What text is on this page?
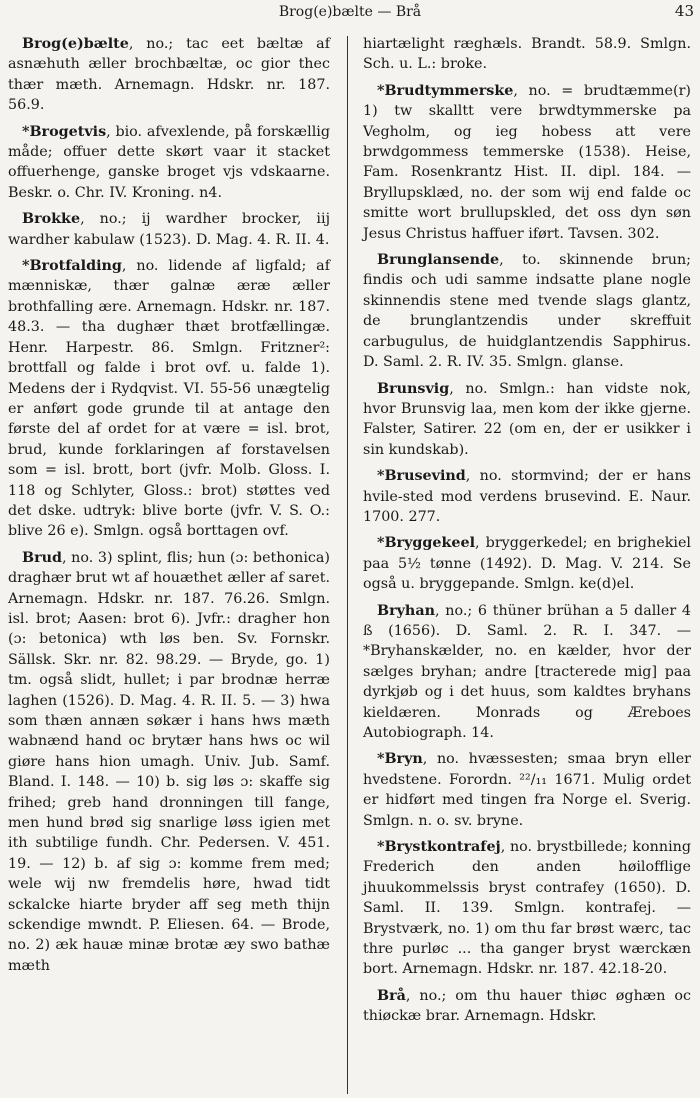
Brog(e)bælte — Brå	43

Brog(e)bælte, no.; tac eet bæltæ af asnæhuth æller brochbæltæ, oc gior thec thær mæth. Arnemagn. Hdskr. nr. 187. 56.9.

*Brogetvis, bio. afvexlende, på forskællig måde; offuer dette skørt vaar it stacket offuerhenge, ganske broget vjs vdskaarne. Beskr. o. Chr. IV. Kroning. n4.

Brokke, no.; ij wardher brocker, iij wardher kabulaw (1523). D. Mag. 4. R. II. 4.

*Brotfalding, no. lidende af ligfald; af mænniskæ, thær galnæ æræ æller brothfalling ære. Arnemagn. Hdskr. nr. 187. 48.3. — tha dughær thæt brotfællingæ. Henr. Harpestr. 86. Smlgn. Fritzner²: brottfall og falde i brot ovf. u. falde 1). Medens der i Rydqvist. VI. 55-56 unægtelig er anført gode grunde til at antage den første del af ordet for at være = isl. brot, brud, kunde forklaringen af forstavelsen som = isl. brott, bort (jvfr. Molb. Gloss. I. 118 og Schlyter, Gloss.: brot) støttes ved det dske. udtryk: blive borte (jvfr. V. S. O.: blive 26 e). Smlgn. også borttagen ovf.

Brud, no. 3) splint, flis; hun (ɔ: bethonica) draghær brut wt af houæthet æller af saret. Arnemagn. Hdskr. nr. 187. 76.26. Smlgn. isl. brot; Aasen: brot 6). Jvfr.: dragher hon (ɔ: betonica) wth løs ben. Sv. Fornskr. Sällsk. Skr. nr. 82. 98.29. — Bryde, go. 1) tm. også slidt, hullet; i par brodnæ herræ laghen (1526). D. Mag. 4. R. II. 5. — 3) hwa som thæn annæn søkær i hans hws mæth wabnænd hand oc brytær hans hws oc wil giøre hans hion umagh. Univ. Jub. Samf. Bland. I. 148. — 10) b. sig løs ɔ: skaffe sig frihed; greb hand dronningen till fange, men hund brød sig snarlige løss igien met ith subtilige fundh. Chr. Pedersen. V. 451. 19. — 12) b. af sig ɔ: komme frem med; wele wij nw fremdelis høre, hwad tidt sckalcke hiarte bryder aff seg meth thijn sckendige mwndt. P. Eliesen. 64. — Brode, no. 2) æk hauæ minæ brotæ æy swo bathæ mæth

hiartælight ræghæls. Brandt. 58.9. Smlgn. Sch. u. L.: broke.

*Brudtymmerske, no. = brudtæmme(r) 1) tw skalltt vere brwdtymmerske pa Vegholm, og ieg hobess att vere brwdgommess temmerske (1538). Heise, Fam. Rosenkrantz Hist. II. dipl. 184. — Bryllupsklæd, no. der som wij end falde oc smitte wort brullupskled, det oss dyn søn Jesus Christus haffuer iført. Tavsen. 302.

Brunglansende, to. skinnende brun; findis och udi samme indsatte plane nogle skinnendis stene med tvende slags glantz, de brunglantzendis under skreffuit carbugulus, de huidglantzendis Sapphirus. D. Saml. 2. R. IV. 35. Smlgn. glanse.

Brunsvig, no. Smlgn.: han vidste nok, hvor Brunsvig laa, men kom der ikke gjerne. Falster, Satirer. 22 (om en, der er usikker i sin kundskab).

*Brusevind, no. stormvind; der er hans hvile-sted mod verdens brusevind. E. Naur. 1700. 277.

*Bryggekeel, bryggerkedel; en brighekiel paa 5½ tønne (1492). D. Mag. V. 214. Se også u. bryggepande. Smlgn. ke(d)el.

Bryhan, no.; 6 thüner brühan a 5 daller 4 ß (1656). D. Saml. 2. R. I. 347. — *Bryhanskælder, no. en kælder, hvor der sælges bryhan; andre [tracterede mig] paa dyrkjøb og i det huus, som kaldtes bryhans kieldæren. Monrads og Æreboes Autobiograph. 14.

*Bryn, no. hvæssesten; smaa bryn eller hvedstene. Forordn. ²²/₁₁ 1671. Mulig ordet er hidført med tingen fra Norge el. Sverig. Smlgn. n. o. sv. bryne.

*Brystkontrafej, no. brystbillede; konning Frederich den anden høilofflige jhuukommelssis bryst contrafey (1650). D. Saml. II. 139. Smlgn. kontrafej. — Brystværk, no. 1) om thu far brøst wærc, tac thre purløc ... tha ganger bryst wærckæn bort. Arnemagn. Hdskr. nr. 187. 42.18-20.

Brå, no.; om thu hauer thiøc øghæn oc thiøckæ brar. Arnemagn. Hdskr.
